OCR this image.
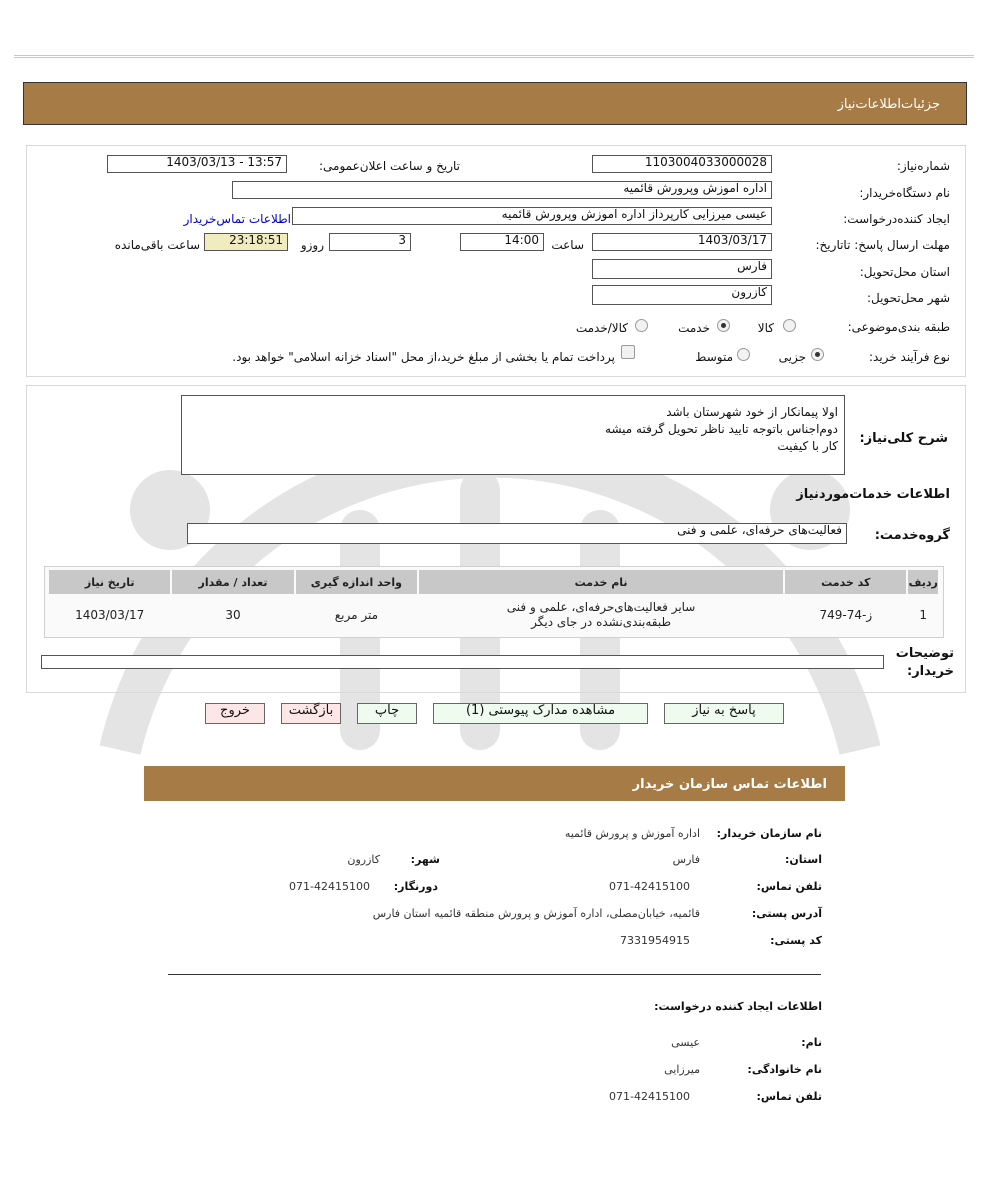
جزئیات‌اطلاعات‌نیاز
شماره‌نیاز:
1103004033000028
تاریخ و ساعت اعلان‌عمومی:
1403/03/13 - 13:57
نام دستگاه‌خریدار:
اداره آموزش وپرورش قائمیه
ایجاد کننده‌درخواست:
عیسی میرزایی کارپرداز اداره آموزش وپرورش قائمیه
اطلاعات تماس‌خریدار
مهلت ارسال پاسخ: تاتاریخ:
1403/03/17
ساعت
14:00
3
روزو
23:18:51
ساعت باقی‌مانده
استان محل‌تحویل:
فارس
شهر محل‌تحویل:
کازرون
طبقه بندی‌موضوعی:
کالا
خدمت
کالا/خدمت
نوع فرآیند خرید:
جزیی
متوسط
پرداخت تمام یا بخشی از مبلغ خرید،از محل "اسناد خزانه اسلامی" خواهد بود.
شرح کلی‌نیاز:
اولا پیمانکار از خود شهرستان باشد
دوم‌اجناس باتوجه تایید ناظر تحویل گرفته میشه
کار با کیفیت
اطلاعات خدمات‌موردنیاز
گروه‌خدمت:
فعالیت‌های حرفه‌ای، علمی و فنی
ردیف	کد خدمت	نام خدمت	واحد اندازه گیری	تعداد / مقدار	تاریخ نیاز
1	ز-74-749	سایر فعالیت‌های‌حرفه‌ای، علمی و فنی
طبقه‌بندی‌نشده در جای دیگر	متر مربع	30	1403/03/17
توضیحات خریدار:
پاسخ به نیاز
مشاهده مدارک پیوستی (1)
چاپ
بازگشت
خروج
اطلاعات تماس سازمان خریدار
نام سازمان خریدار:
اداره آموزش و پرورش قائمیه
استان:
فارس
شهر:
کازرون
تلفن تماس:
071-42415100
دورنگار:
071-42415100
آدرس پستی:
قائمیه، خیابان‌مصلی، اداره آموزش و پرورش منطقه قائمیه استان فارس
کد پستی:
7331954915
اطلاعات ایجاد کننده درخواست:
نام:
عیسی
نام خانوادگی:
میرزایی
تلفن تماس:
071-42415100
